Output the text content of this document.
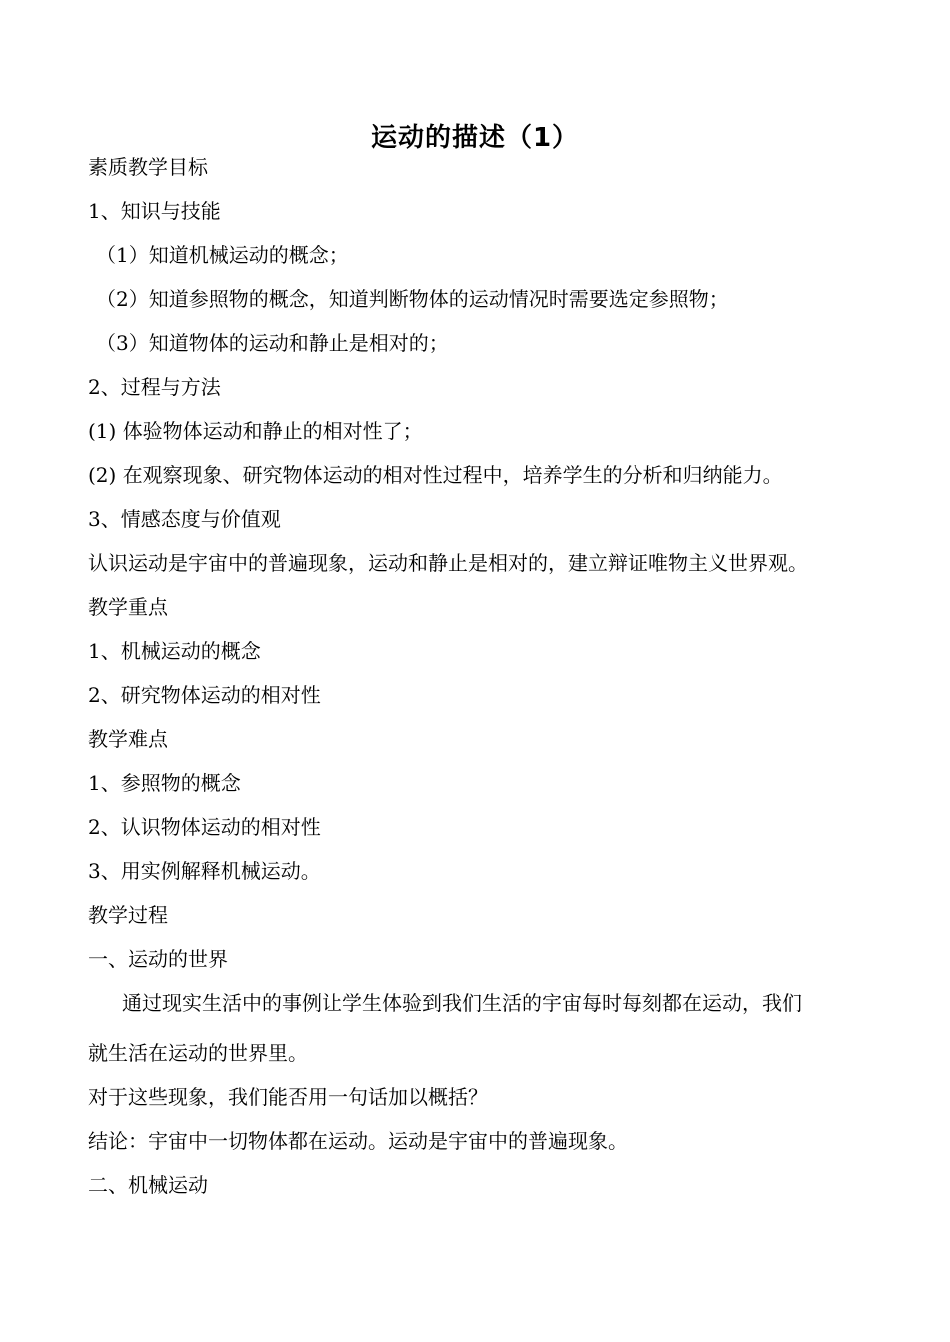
运动的描述（1）
素质教学目标
1、知识与技能
（1）知道机械运动的概念；
（2）知道参照物的概念，知道判断物体的运动情况时需要选定参照物；
（3）知道物体的运动和静止是相对的；
2、过程与方法
(1) 体验物体运动和静止的相对性了；
(2) 在观察现象、研究物体运动的相对性过程中，培养学生的分析和归纳能力。
3、情感态度与价值观
认识运动是宇宙中的普遍现象，运动和静止是相对的，建立辩证唯物主义世界观。
教学重点
1、机械运动的概念
2、研究物体运动的相对性
教学难点
1、参照物的概念
2、认识物体运动的相对性
3、用实例解释机械运动。
教学过程
一、运动的世界
通过现实生活中的事例让学生体验到我们生活的宇宙每时每刻都在运动，我们
就生活在运动的世界里。
对于这些现象，我们能否用一句话加以概括？
结论：宇宙中一切物体都在运动。运动是宇宙中的普遍现象。
二、机械运动
